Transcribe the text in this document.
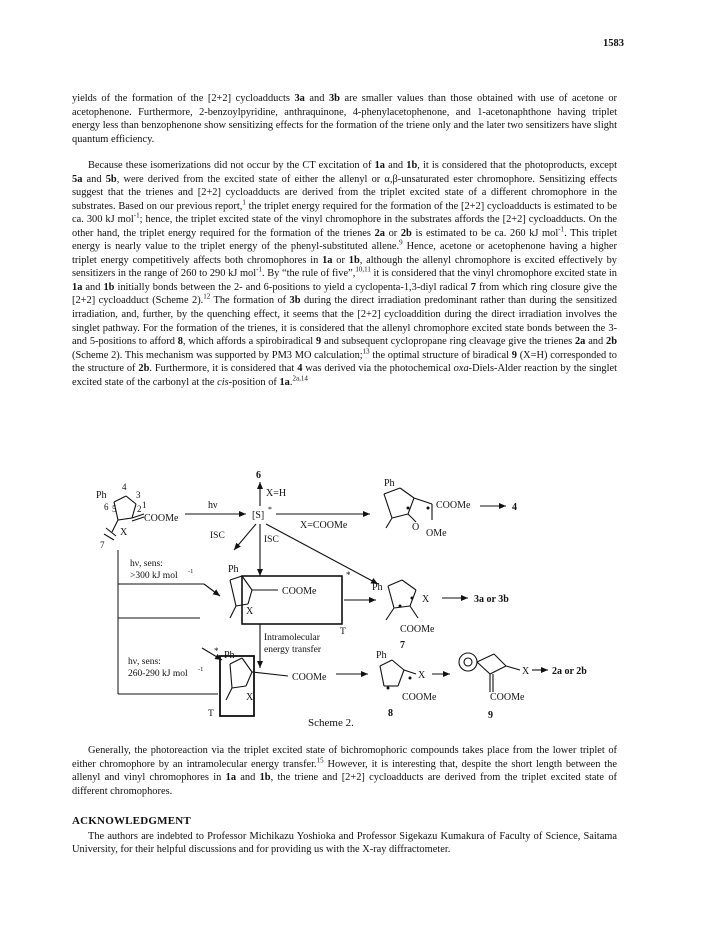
1583

yields of the formation of the [2+2] cycloadducts 3a and 3b are smaller values than those obtained with use of acetone or acetophenone. Furthermore, 2-benzoylpyridine, anthraquinone, 4-phenylacetophenone, and 1-acetonaphthone having triplet energy less than benzophenone show sensitizing effects for the formation of the triene only and the later two sensitizers have slight quantum efficiency.

Because these isomerizations did not occur by the CT excitation of 1a and 1b, it is considered that the photoproducts, except 5a and 5b, were derived from the excited state of either the allenyl or α,β-unsaturated ester chromophore. Sensitizing effects suggest that the trienes and [2+2] cycloadducts are derived from the triplet excited state of a different chromophore in the substrates. Based on our previous report,$^1$ the triplet energy required for the formation of the [2+2] cycloadducts is estimated to be ca. 300 kJ mol$^{-1}$; hence, the triplet excited state of the vinyl chromophore in the substrates affords the [2+2] cycloadducts. On the other hand, the triplet energy required for the formation of the trienes 2a or 2b is estimated to be ca. 260 kJ mol$^{-1}$. This triplet energy is nearly value to the triplet energy of the phenyl-substituted allene.$^9$ Hence, acetone or acetophenone having a higher triplet energy competitively affects both chromophores in 1a or 1b, although the allenyl chromophore is excited effectively by sensitizers in the range of 260 to 290 kJ mol$^{-1}$. By “the rule of five”,$^{10,11}$ it is considered that the vinyl chromophore excited state in 1a and 1b initially bonds between the 2- and 6-positions to yield a cyclopenta-1,3-diyl radical 7 from which ring closure give the [2+2] cycloadduct (Scheme 2).$^{12}$ The formation of 3b during the direct irradiation predominant rather than during the sensitized irradiation, and, further, by the quenching effect, it seems that the [2+2] cycloaddition during the direct irradiation involves the singlet pathway. For the formation of the trienes, it is considered that the allenyl chromophore excited state bonds between the 3- and 5-positions to afford 8, which affords a spirobiradical 9 and subsequent cyclopropane ring cleavage give the trienes 2a and 2b (Scheme 2). This mechanism was supported by PM3 MO calculation;$^{13}$ the optimal structure of biradical 9 (X=H) corresponded to the structure of 2b. Furthermore, it is considered that 4 was derived via the photochemical oxa-Diels-Alder reaction by the singlet excited state of the carbonyl at the cis-position of 1a.$^{2a,14}$

Ph
4
3
6 5 2 1
COOMe
X
7
hν
[S]
*
6
X=H
X=COOMe
Ph
O
COOMe
OMe
4
ISC	ISC
hν, sens:
>300 kJ mol -1
hν, sens:
260-290 kJ mol -1
Ph
COOMe
X
*
T
Intramolecular
energy transfer
Ph
X
COOMe
7
3a or 3b
Ph
COOMe
X
*
T
Ph
X
COOMe
8
X
COOMe
9
2a or 2b
Scheme 2.

Generally, the photoreaction via the triplet excited state of bichromophoric compounds takes place from the lower triplet of either chromophore by an intramolecular energy transfer.$^{15}$ However, it is interesting that, despite the short length between the allenyl and vinyl chromophores in 1a and 1b, the triene and [2+2] cycloadducts are derived from the triplet excited state of different chromophores.

ACKNOWLEDGMENT

The authors are indebted to Professor Michikazu Yoshioka and Professor Sigekazu Kumakura of Faculty of Science, Saitama University, for their helpful discussions and for providing us with the X-ray diffractometer.
